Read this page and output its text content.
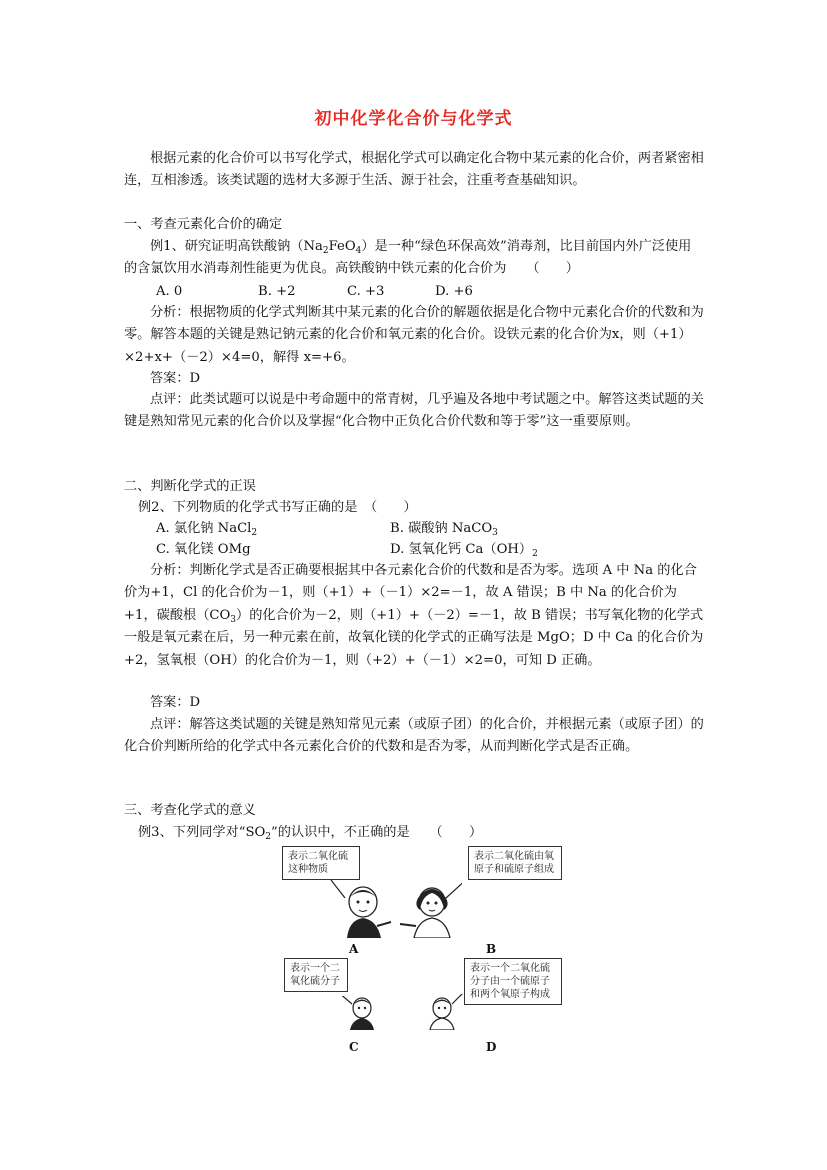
初中化学化合价与化学式

根据元素的化合价可以书写化学式，根据化学式可以确定化合物中某元素的化合价，两者紧密相连，互相渗透。该类试题的选材大多源于生活、源于社会，注重考查基础知识。

一、考查元素化合价的确定

例1、研究证明高铁酸钠$(Na_2FeO_4)$是一种“绿色环保高效”消毒剂，比目前国内外广泛使用的含氯饮用水消毒剂性能更为优良。高铁酸钠中铁元素的化合价为　　（　　）

A. 0	B. +2	C. +3	D. +6

分析：根据物质的化学式判断其中某元素的化合价的解题依据是化合物中元素化合价的代数和为零。解答本题的关键是熟记钠元素的化合价和氧元素的化合价。设铁元素的化合价为x，则（+1）×2+x+（－2）×4=0，解得 x=+6。

答案：D

点评：此类试题可以说是中考命题中的常青树，几乎遍及各地中考试题之中。解答这类试题的关键是熟知常见元素的化合价以及掌握“化合物中正负化合价代数和等于零”这一重要原则。

二、判断化学式的正误

例2、下列物质的化学式书写正确的是　（　　）

A. 氯化钠 NaCl$_2$	B. 碳酸钠 NaCO$_3$
C. 氧化镁 OMg	D. 氢氧化钙 $Ca(OH)_2$

分析：判断化学式是否正确要根据其中各元素化合价的代数和是否为零。选项 A 中 Na 的化合价为+1，Cl 的化合价为－1，则（+1）+（－1）×2=－1，故 A 错误；B 中 Na 的化合价为+1，碳酸根$(CO_3)$的化合价为－2，则（+1）+（－2）=－1，故 B 错误；书写氧化物的化学式一般是氧元素在后，另一种元素在前，故氧化镁的化学式的正确写法是 MgO；D 中 Ca 的化合价为+2，氢氧根（OH）的化合价为－1，则（+2）+（－1）×2=0，可知 D 正确。

答案：D

点评：解答这类试题的关键是熟知常见元素（或原子团）的化合价，并根据元素（或原子团）的化合价判断所给的化学式中各元素化合价的代数和是否为零，从而判断化学式是否正确。

三、考查化学式的意义

例3、下列同学对“$SO_2$”的认识中，不正确的是　　（　　）

表示二氧化硫这种物质
A
表示二氧化硫由氧原子和硫原子组成
B
表示一个二氧化硫分子
C
表示一个二氧化硫分子由一个硫原子和两个氧原子构成
D
